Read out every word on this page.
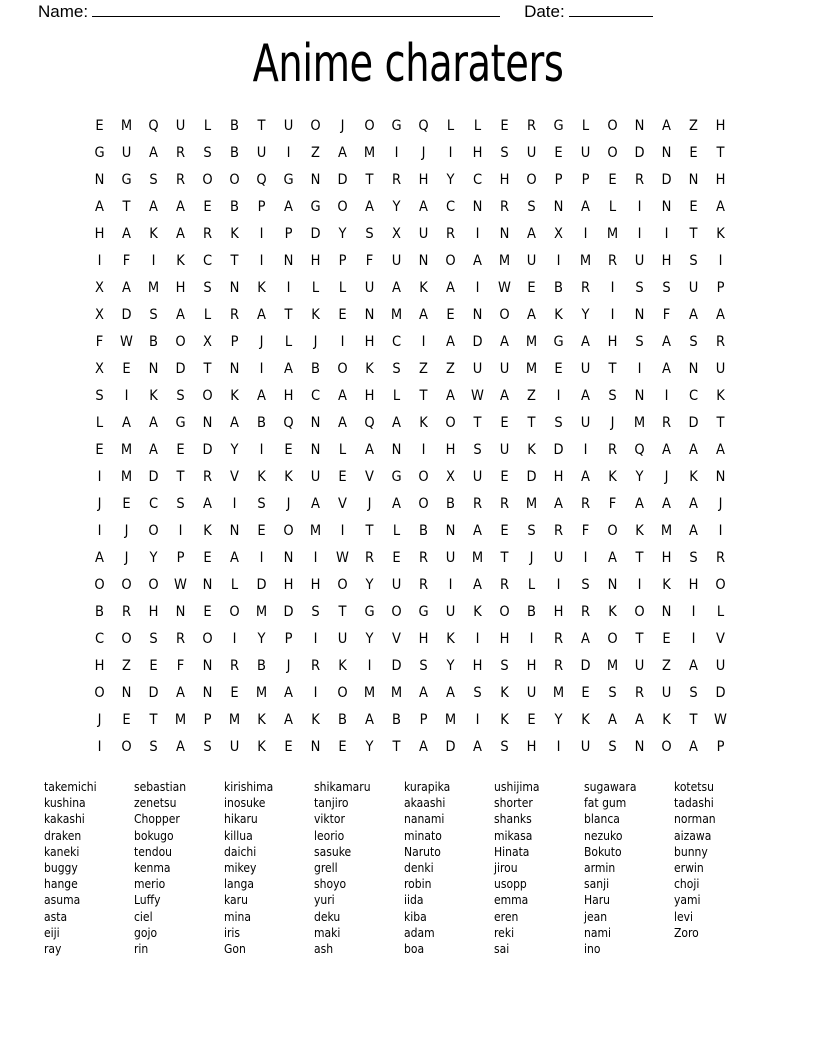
Name:	Date:
Anime charaters
E	M	Q	U	L	B	T	U	O	J	O	G	Q	L	L	E	R	G	L	O	N	A	Z	H
G	U	A	R	S	B	U	I	Z	A	M	I	J	I	H	S	U	E	U	O	D	N	E	T
N	G	S	R	O	O	Q	G	N	D	T	R	H	Y	C	H	O	P	P	E	R	D	N	H
A	T	A	A	E	B	P	A	G	O	A	Y	A	C	N	R	S	N	A	L	I	N	E	A
H	A	K	A	R	K	I	P	D	Y	S	X	U	R	I	N	A	X	I	M	I	I	T	K
I	F	I	K	C	T	I	N	H	P	F	U	N	O	A	M	U	I	M	R	U	H	S	I
X	A	M	H	S	N	K	I	L	L	U	A	K	A	I	W	E	B	R	I	S	S	U	P
X	D	S	A	L	R	A	T	K	E	N	M	A	E	N	O	A	K	Y	I	N	F	A	A
F	W	B	O	X	P	J	L	J	I	H	C	I	A	D	A	M	G	A	H	S	A	S	R
X	E	N	D	T	N	I	A	B	O	K	S	Z	Z	U	U	M	E	U	T	I	A	N	U
S	I	K	S	O	K	A	H	C	A	H	L	T	A	W	A	Z	I	A	S	N	I	C	K
L	A	A	G	N	A	B	Q	N	A	Q	A	K	O	T	E	T	S	U	J	M	R	D	T
E	M	A	E	D	Y	I	E	N	L	A	N	I	H	S	U	K	D	I	R	Q	A	A	A
I	M	D	T	R	V	K	K	U	E	V	G	O	X	U	E	D	H	A	K	Y	J	K	N
J	E	C	S	A	I	S	J	A	V	J	A	O	B	R	R	M	A	R	F	A	A	A	J
I	J	O	I	K	N	E	O	M	I	T	L	B	N	A	E	S	R	F	O	K	M	A	I
A	J	Y	P	E	A	I	N	I	W	R	E	R	U	M	T	J	U	I	A	T	H	S	R
O	O	O	W	N	L	D	H	H	O	Y	U	R	I	A	R	L	I	S	N	I	K	H	O
B	R	H	N	E	O	M	D	S	T	G	O	G	U	K	O	B	H	R	K	O	N	I	L
C	O	S	R	O	I	Y	P	I	U	Y	V	H	K	I	H	I	R	A	O	T	E	I	V
H	Z	E	F	N	R	B	J	R	K	I	D	S	Y	H	S	H	R	D	M	U	Z	A	U
O	N	D	A	N	E	M	A	I	O	M	M	A	A	S	K	U	M	E	S	R	U	S	D
J	E	T	M	P	M	K	A	K	B	A	B	P	M	I	K	E	Y	K	A	A	K	T	W
I	O	S	A	S	U	K	E	N	E	Y	T	A	D	A	S	H	I	U	S	N	O	A	P
takemichi
kushina
kakashi
draken
kaneki
buggy
hange
asuma
asta
eiji
ray
sebastian
zenetsu
Chopper
bokugo
tendou
kenma
merio
Luffy
ciel
gojo
rin
kirishima
inosuke
hikaru
killua
daichi
mikey
langa
karu
mina
iris
Gon
shikamaru
tanjiro
viktor
leorio
sasuke
grell
shoyo
yuri
deku
maki
ash
kurapika
akaashi
nanami
minato
Naruto
denki
robin
iida
kiba
adam
boa
ushijima
shorter
shanks
mikasa
Hinata
jirou
usopp
emma
eren
reki
sai
sugawara
fat gum
blanca
nezuko
Bokuto
armin
sanji
Haru
jean
nami
ino
kotetsu
tadashi
norman
aizawa
bunny
erwin
choji
yami
levi
Zoro
